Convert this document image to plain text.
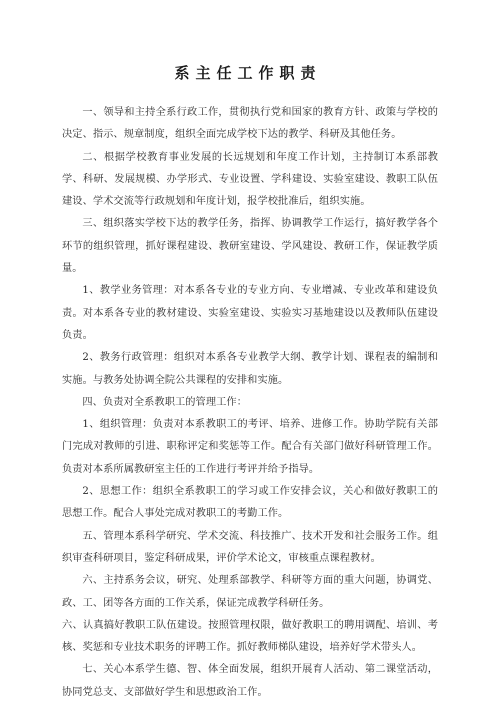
系主任工作职责

一、领导和主持全系行政工作，贯彻执行党和国家的教育方针、政策与学校的决定、指示、规章制度，组织全面完成学校下达的教学、科研及其他任务。

二、根据学校教育事业发展的长远规划和年度工作计划，主持制订本系部教学、科研、发展规模、办学形式、专业设置、学科建设、实验室建设、教职工队伍建设、学术交流等行政规划和年度计划，报学校批准后，组织实施。

三、组织落实学校下达的教学任务，指挥、协调教学工作运行，搞好教学各个环节的组织管理，抓好课程建设、教研室建设、学风建设、教研工作，保证教学质量。

1、教学业务管理：对本系各专业的专业方向、专业增减、专业改革和建设负责。对本系各专业的教材建设、实验室建设、实验实习基地建设以及教师队伍建设负责。

2、教务行政管理：组织对本系各专业教学大纲、教学计划、课程表的编制和实施。与教务处协调全院公共课程的安排和实施。

四、负责对全系教职工的管理工作：

1、组织管理：负责对本系教职工的考评、培养、进修工作。协助学院有关部门完成对教师的引进、职称评定和奖惩等工作。配合有关部门做好科研管理工作。负责对本系所属教研室主任的工作进行考评并给予指导。

2、思想工作：组织全系教职工的学习或工作安排会议，关心和做好教职工的思想工作。配合人事处完成对教职工的考勤工作。

五、管理本系科学研究、学术交流、科技推广、技术开发和社会服务工作。组织审查科研项目，鉴定科研成果，评价学术论文，审核重点课程教材。

六、主持系务会议，研究、处理系部教学、科研等方面的重大问题，协调党、政、工、团等各方面的工作关系，保证完成教学科研任务。

六、认真搞好教职工队伍建设。按照管理权限，做好教职工的聘用调配、培训、考核、奖惩和专业技术职务的评聘工作。抓好教师梯队建设，培养好学术带头人。

七、关心本系学生德、智、体全面发展，组织开展育人活动、第二课堂活动，协同党总支、支部做好学生和思想政治工作。
